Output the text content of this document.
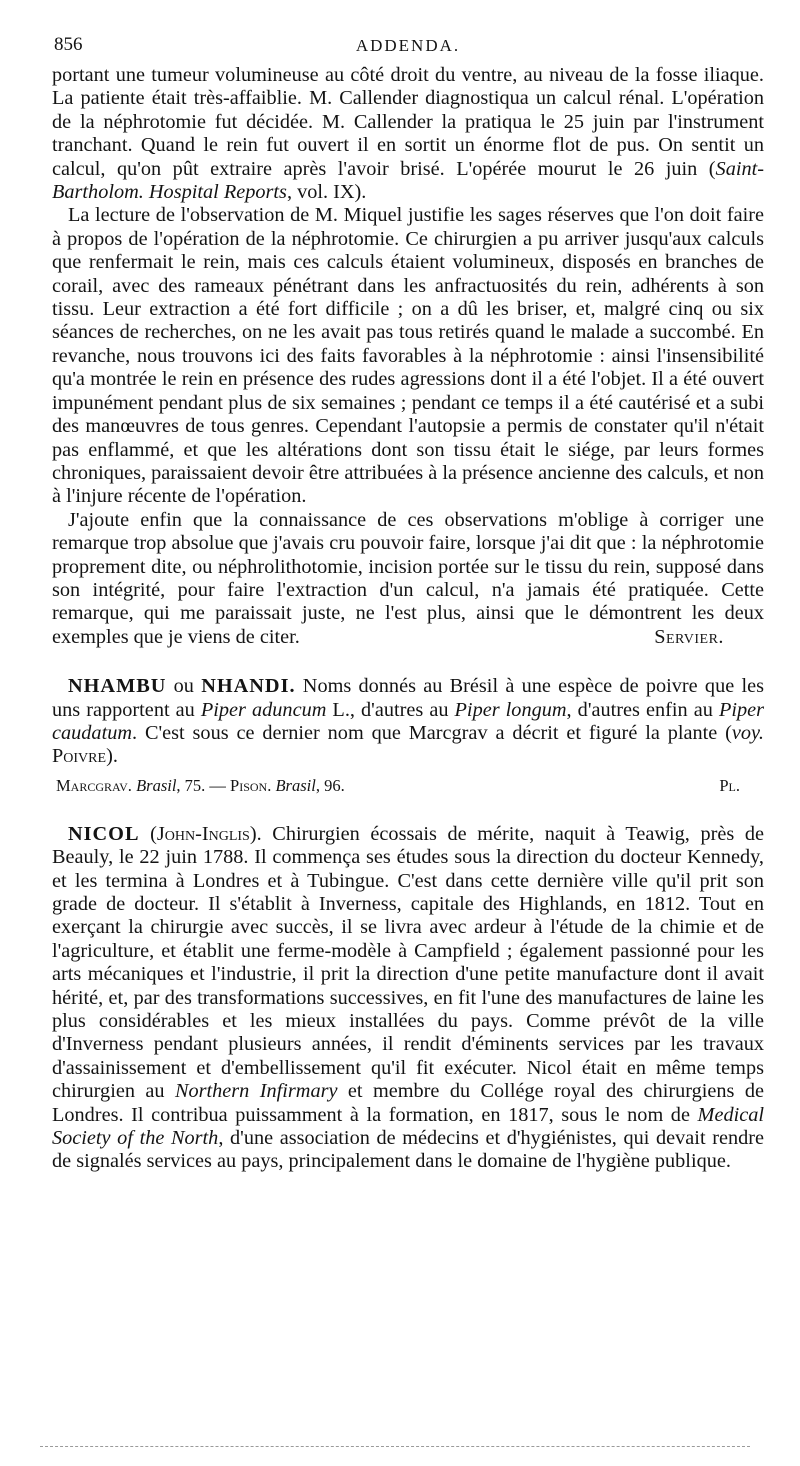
856	ADDENDA.

portant une tumeur volumineuse au côté droit du ventre, au niveau de la fosse iliaque. La patiente était très-affaiblie. M. Callender diagnostiqua un calcul rénal. L'opération de la néphrotomie fut décidée. M. Callender la pratiqua le 25 juin par l'instrument tranchant. Quand le rein fut ouvert il en sortit un énorme flot de pus. On sentit un calcul, qu'on pût extraire après l'avoir brisé. L'opérée mourut le 26 juin (Saint-Bartholom. Hospital Reports, vol. IX).

La lecture de l'observation de M. Miquel justifie les sages réserves que l'on doit faire à propos de l'opération de la néphrotomie. Ce chirurgien a pu arriver jusqu'aux calculs que renfermait le rein, mais ces calculs étaient volumineux, disposés en branches de corail, avec des rameaux pénétrant dans les anfractuosités du rein, adhérents à son tissu. Leur extraction a été fort difficile ; on a dû les briser, et, malgré cinq ou six séances de recherches, on ne les avait pas tous retirés quand le malade a succombé. En revanche, nous trouvons ici des faits favorables à la néphrotomie : ainsi l'insensibilité qu'a montrée le rein en présence des rudes agressions dont il a été l'objet. Il a été ouvert impunément pendant plus de six semaines ; pendant ce temps il a été cautérisé et a subi des manœuvres de tous genres. Cependant l'autopsie a permis de constater qu'il n'était pas enflammé, et que les altérations dont son tissu était le siége, par leurs formes chroniques, paraissaient devoir être attribuées à la présence ancienne des calculs, et non à l'injure récente de l'opération.

J'ajoute enfin que la connaissance de ces observations m'oblige à corriger une remarque trop absolue que j'avais cru pouvoir faire, lorsque j'ai dit que : la néphrotomie proprement dite, ou néphrolithotomie, incision portée sur le tissu du rein, supposé dans son intégrité, pour faire l'extraction d'un calcul, n'a jamais été pratiquée. Cette remarque, qui me paraissait juste, ne l'est plus, ainsi que le démontrent les deux exemples que je viens de citer.	Servier.

NHAMBU ou NHANDI. Noms donnés au Brésil à une espèce de poivre que les uns rapportent au Piper aduncum L., d'autres au Piper longum, d'autres enfin au Piper caudatum. C'est sous ce dernier nom que Marcgrav a décrit et figuré la plante (voy. Poivre).

Marcgrav. Brasil, 75. — Pison. Brasil, 96.	Pl.

NICOL (John-Inglis). Chirurgien écossais de mérite, naquit à Teawig, près de Beauly, le 22 juin 1788. Il commença ses études sous la direction du docteur Kennedy, et les termina à Londres et à Tubingue. C'est dans cette dernière ville qu'il prit son grade de docteur. Il s'établit à Inverness, capitale des Highlands, en 1812. Tout en exerçant la chirurgie avec succès, il se livra avec ardeur à l'étude de la chimie et de l'agriculture, et établit une ferme-modèle à Campfield ; également passionné pour les arts mécaniques et l'industrie, il prit la direction d'une petite manufacture dont il avait hérité, et, par des transformations successives, en fit l'une des manufactures de laine les plus considérables et les mieux installées du pays. Comme prévôt de la ville d'Inverness pendant plusieurs années, il rendit d'éminents services par les travaux d'assainissement et d'embellissement qu'il fit exécuter. Nicol était en même temps chirurgien au Northern Infirmary et membre du Collége royal des chirurgiens de Londres. Il contribua puissamment à la formation, en 1817, sous le nom de Medical Society of the North, d'une association de médecins et d'hygiénistes, qui devait rendre de signalés services au pays, principalement dans le domaine de l'hygiène publique.
